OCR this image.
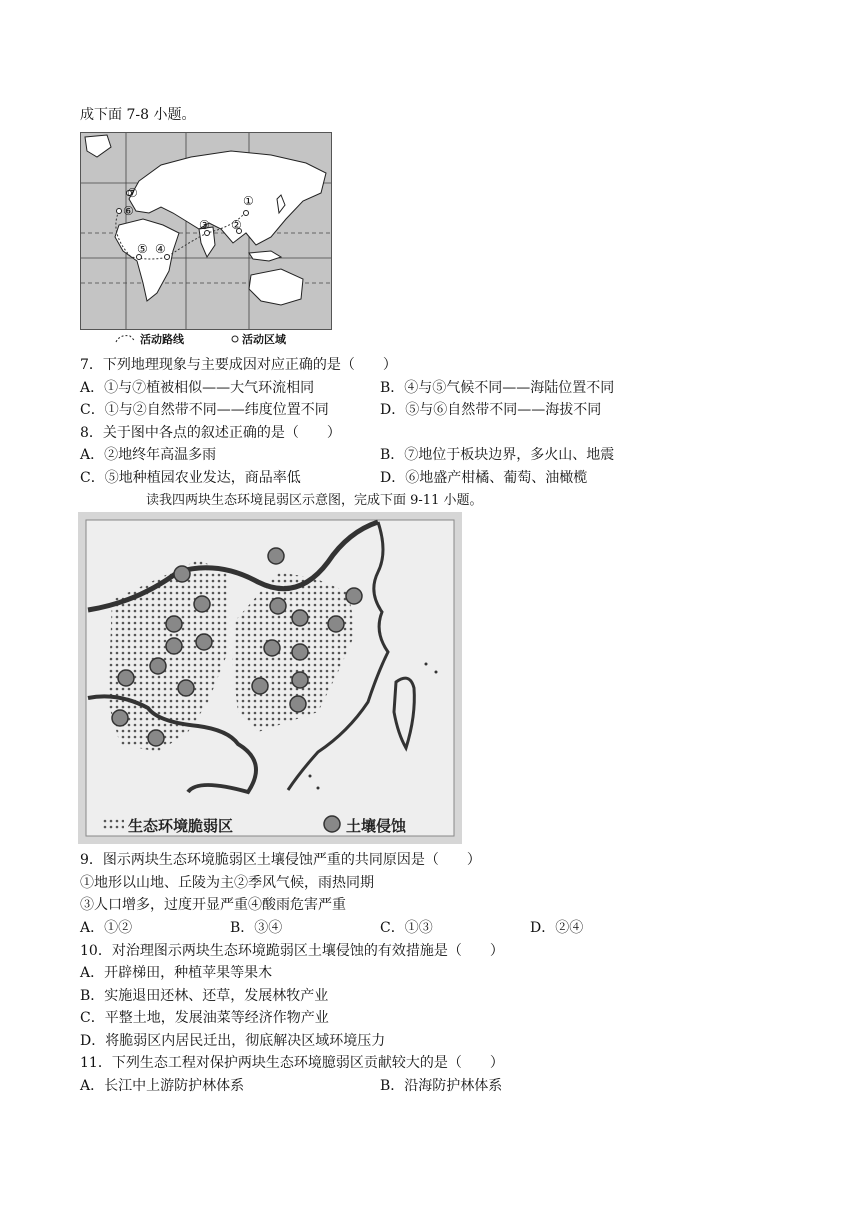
成下面 7-8 小题。
①
②
③
④
⑤
⑥
⑦
活动路线	活动区域
7．下列地理现象与主要成因对应正确的是（　　）
A．①与⑦植被相似——大气环流相同	B．④与⑤气候不同——海陆位置不同
C．①与②自然带不同——纬度位置不同	D．⑤与⑥自然带不同——海拔不同
8．关于图中各点的叙述正确的是（　　）
A．②地终年高温多雨	B．⑦地位于板块边界，多火山、地震
C．⑤地种植园农业发达，商品率低	D．⑥地盛产柑橘、葡萄、油橄榄
读我四两块生态环境昆弱区示意图，完成下面 9-11 小题。
生态环境脆弱区	土壤侵蚀
9．图示两块生态环境脆弱区土壤侵蚀严重的共同原因是（　　）
①地形以山地、丘陵为主②季风气候，雨热同期
③人口增多，过度开显严重④酸雨危害严重
A．①②	B．③④	C．①③	D．②④
10．对治理图示两块生态环境跪弱区土壤侵蚀的有效措施是（　　）
A．开辟梯田，种植苹果等果木
B．实施退田还林、还草，发展林牧产业
C．平整土地，发展油菜等经济作物产业
D．将脆弱区内居民迁出，彻底解决区域环境压力
11．下列生态工程对保护两块生态环境臆弱区贡献较大的是（　　）
A．长江中上游防护林体系	B．沿海防护林体系
